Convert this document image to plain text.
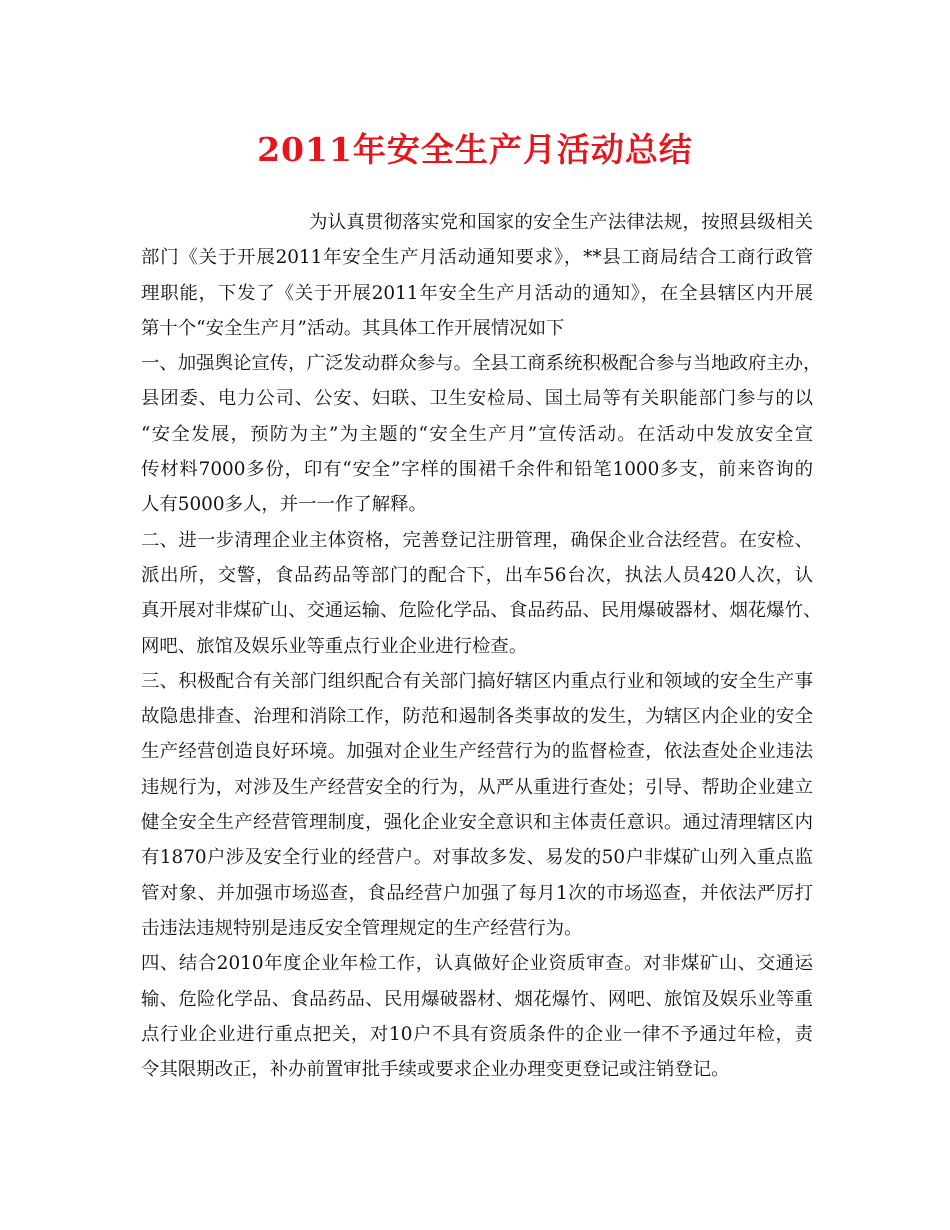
2011年安全生产月活动总结
为认真贯彻落实党和国家的安全生产法律法规，按照县级相关
部门《关于开展2011年安全生产月活动通知要求》，**县工商局结合工商行政管
理职能，下发了《关于开展2011年安全生产月活动的通知》，在全县辖区内开展
第十个“安全生产月”活动。其具体工作开展情况如下
一、加强舆论宣传，广泛发动群众参与。全县工商系统积极配合参与当地政府主办，
县团委、电力公司、公安、妇联、卫生安检局、国土局等有关职能部门参与的以
“安全发展，预防为主”为主题的“安全生产月”宣传活动。在活动中发放安全宣
传材料7000多份，印有“安全”字样的围裙千余件和铅笔1000多支，前来咨询的
人有5000多人，并一一作了解释。
二、进一步清理企业主体资格，完善登记注册管理，确保企业合法经营。在安检、
派出所，交警，食品药品等部门的配合下，出车56台次，执法人员420人次，认
真开展对非煤矿山、交通运输、危险化学品、食品药品、民用爆破器材、烟花爆竹、
网吧、旅馆及娱乐业等重点行业企业进行检查。
三、积极配合有关部门组织配合有关部门搞好辖区内重点行业和领域的安全生产事
故隐患排查、治理和消除工作，防范和遏制各类事故的发生，为辖区内企业的安全
生产经营创造良好环境。加强对企业生产经营行为的监督检查，依法查处企业违法
违规行为，对涉及生产经营安全的行为，从严从重进行查处；引导、帮助企业建立
健全安全生产经营管理制度，强化企业安全意识和主体责任意识。通过清理辖区内
有1870户涉及安全行业的经营户。对事故多发、易发的50户非煤矿山列入重点监
管对象、并加强市场巡查，食品经营户加强了每月1次的市场巡查，并依法严厉打
击违法违规特别是违反安全管理规定的生产经营行为。
四、结合2010年度企业年检工作，认真做好企业资质审查。对非煤矿山、交通运
输、危险化学品、食品药品、民用爆破器材、烟花爆竹、网吧、旅馆及娱乐业等重
点行业企业进行重点把关，对10户不具有资质条件的企业一律不予通过年检，责
令其限期改正，补办前置审批手续或要求企业办理变更登记或注销登记。
